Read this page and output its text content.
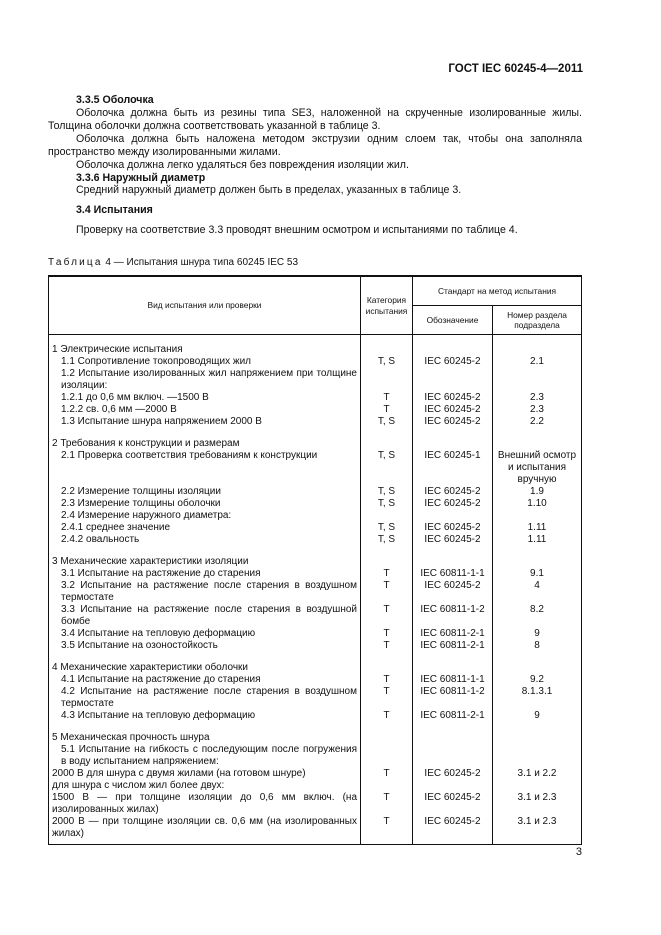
ГОСТ IEC 60245-4—2011

3.3.5 Оболочка

Оболочка должна быть из резины типа SE3, наложенной на скрученные изолированные жилы. Толщина оболочки должна соответствовать указанной в таблице 3.

Оболочка должна быть наложена методом экструзии одним слоем так, чтобы она заполняла пространство между изолированными жилами.

Оболочка должна легко удаляться без повреждения изоляции жил.

3.3.6 Наружный диаметр

Средний наружный диаметр должен быть в пределах, указанных в таблице 3.

3.4 Испытания

Проверку на соответствие 3.3 проводят внешним осмотром и испытаниями по таблице 4.

Таблица 4 — Испытания шнура типа 60245 IEC 53
Вид испытания или проверки	Категория испытания	Стандарт на метод испытания	
		Обозначение	Номер раздела подраздела

1 Электрические испытания			

1.1 Сопротивление токопроводящих жил	T, S	IEC 60245-2	2.1

1.2 Испытание изолированных жил напряжением при толщине изоляции:			

1.2.1 до 0,6 мм включ. —1500 В	T	IEC 60245-2	2.3

1.2.2 св. 0,6 мм —2000 В	T	IEC 60245-2	2.3

1.3 Испытание шнура напряжением 2000 В	T, S	IEC 60245-2	2.2

2 Требования к конструкции и размерам			

2.1 Проверка соответствия требованиям к конструкции	T, S	IEC 60245-1	Внешний осмотр и испытания вручную

2.2 Измерение толщины изоляции	T, S	IEC 60245-2	1.9

2.3 Измерение толщины оболочки	T, S	IEC 60245-2	1.10

2.4 Измерение наружного диаметра:			

2.4.1 среднее значение	T, S	IEC 60245-2	1.11

2.4.2 овальность	T, S	IEC 60245-2	1.11

3 Механические характеристики изоляции			

3.1 Испытание на растяжение до старения	T	IEC 60811-1-1	9.1

3.2 Испытание на растяжение после старения в воздушном термостате	T	IEC 60245-2	4

3.3 Испытание на растяжение после старения в воздушной бомбе	T	IEC 60811-1-2	8.2

3.4 Испытание на тепловую деформацию	T	IEC 60811-2-1	9

3.5 Испытание на озоностойкость	T	IEC 60811-2-1	8

4 Механические характеристики оболочки			

4.1 Испытание на растяжение до старения	T	IEC 60811-1-1	9.2

4.2 Испытание на растяжение после старения в воздушном термостате	T	IEC 60811-1-2	8.1.3.1

4.3 Испытание на тепловую деформацию	T	IEC 60811-2-1	9

5 Механическая прочность шнура			

5.1 Испытание на гибкость с последующим после погружения в воду испытанием напряжением:			

2000 В для шнура с двумя жилами (на готовом шнуре)	T	IEC 60245-2	3.1 и 2.2

для шнура с числом жил более двух:			

1500 В — при толщине изоляции до 0,6 мм включ. (на изолированных жилах)	T	IEC 60245-2	3.1 и 2.3

2000 В — при толщине изоляции св. 0,6 мм (на изолированных жилах)	T	IEC 60245-2	3.1 и 2.3
3
